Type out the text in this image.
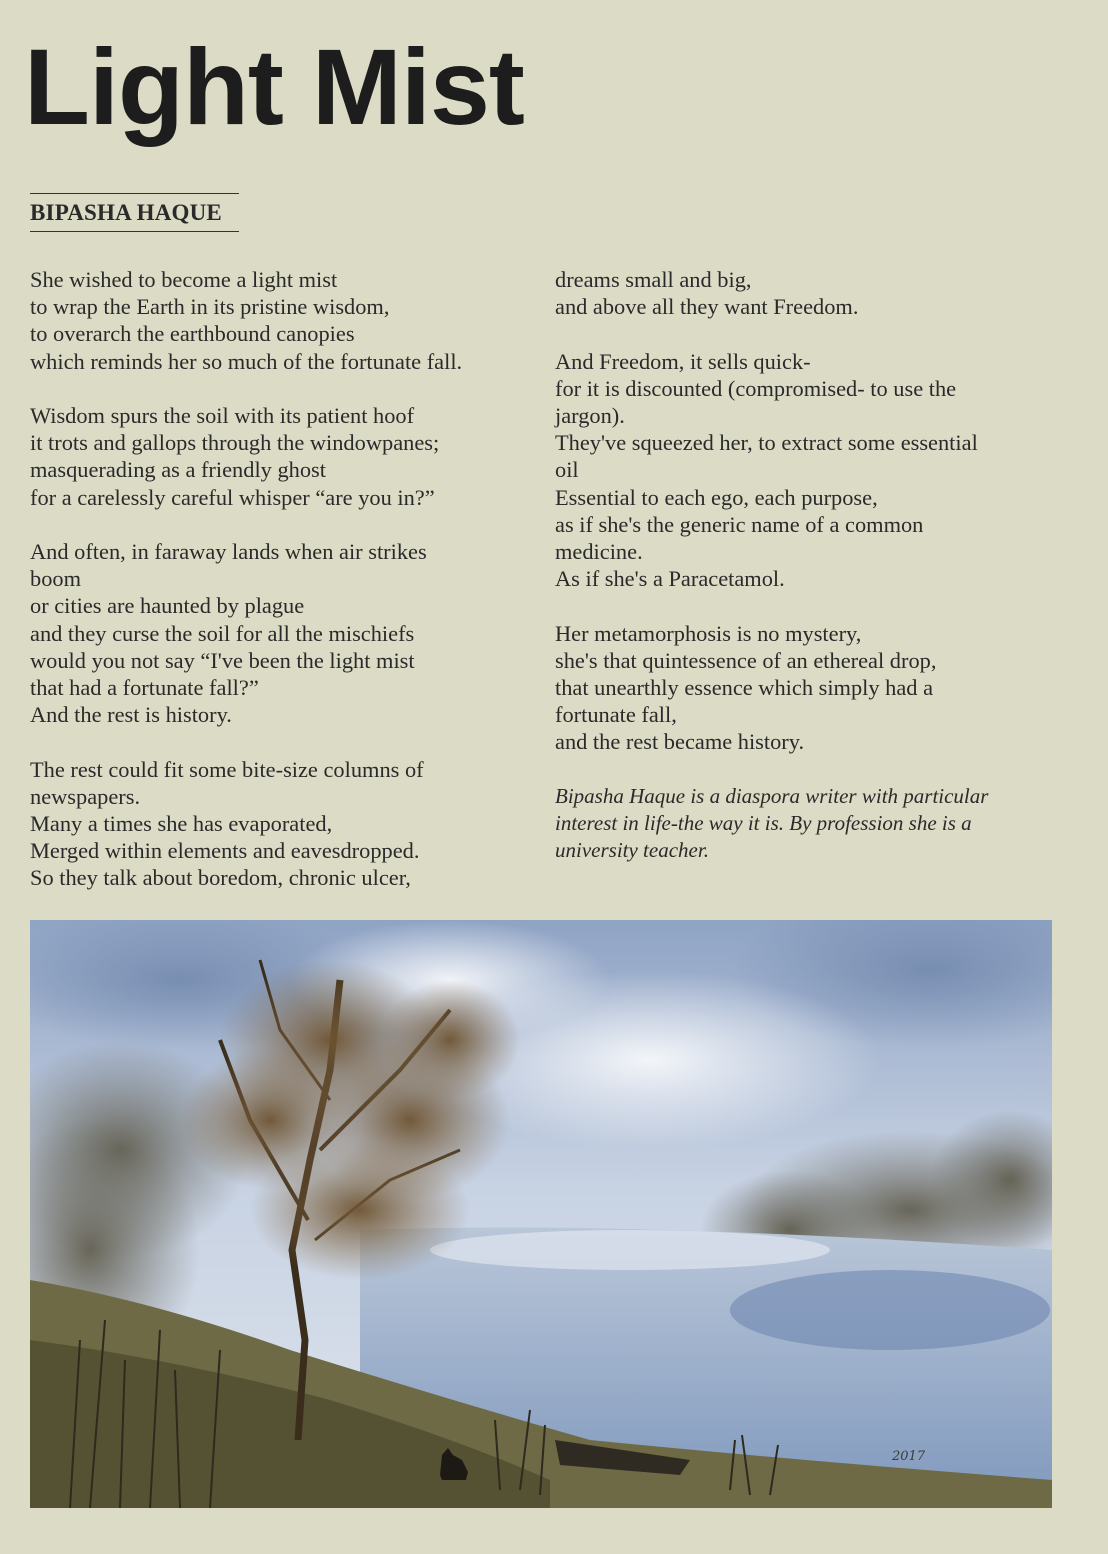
Light Mist
BIPASHA HAQUE
She wished to become a light mist
to wrap the Earth in its pristine wisdom,
to overarch the earthbound canopies
which reminds her so much of the fortunate fall.
Wisdom spurs the soil with its patient hoof
it trots and gallops through the windowpanes;
masquerading as a friendly ghost
for a carelessly careful whisper “are you in?”
And often, in faraway lands when air strikes
boom
or cities are haunted by plague
and they curse the soil for all the mischiefs
would you not say “I've been the light mist
that had a fortunate fall?”
And the rest is history.
The rest could fit some bite-size columns of
newspapers.
Many a times she has evaporated,
Merged within elements and eavesdropped.
So they talk about boredom, chronic ulcer,
dreams small and big,
and above all they want Freedom.
And Freedom, it sells quick-
for it is discounted (compromised- to use the
jargon).
They've squeezed her, to extract some essential
oil
Essential to each ego, each purpose,
as if she's the generic name of a common
medicine.
As if she's a Paracetamol.
Her metamorphosis is no mystery,
she's that quintessence of an ethereal drop,
that unearthly essence which simply had a
fortunate fall,
and the rest became history.
Bipasha Haque is a diaspora writer with particular
interest in life-the way it is. By profession she is a
university teacher.
2017
